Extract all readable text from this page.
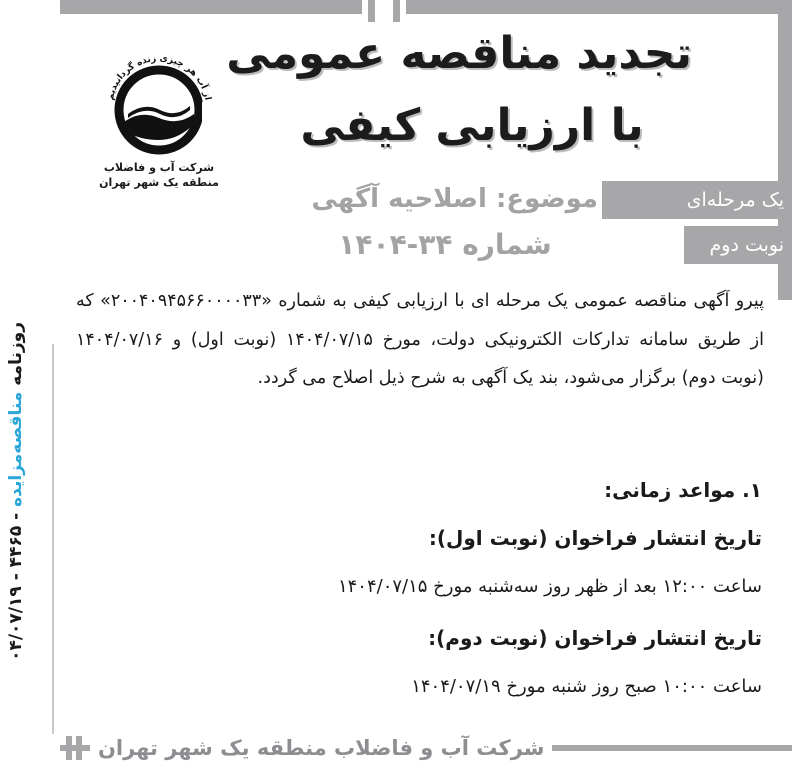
از آب هر چیزی زنده گردانیدیم
شرکت آب و فاضلاب
منطقه یک شهر تهران
تجدید مناقصه عمومی
با ارزیابی کیفی
موضوع: اصلاحیه آگهی
شماره ۳۴-۱۴۰۴
یک مرحله‌ای
نوبت دوم

پیرو آگهی مناقصه عمومی یک مرحله ای با ارزیابی کیفی به شماره «۲۰۰۴۰۹۴۵۶۶۰۰۰۰۳۳» که از طریق سامانه تدارکات الکترونیکی دولت، مورخ ۱۴۰۴/۰۷/۱۵ (نوبت اول) و ۱۴۰۴/۰۷/۱۶ (نوبت دوم) برگزار می‌شود، بند یک آگهی به شرح ذیل اصلاح می گردد.

۱. مواعد زمانی:
تاریخ انتشار فراخوان (نوبت اول):
ساعت ۱۲:۰۰ بعد از ظهر روز سه‌شنبه مورخ ۱۴۰۴/۰۷/۱۵
تاریخ انتشار فراخوان (نوبت دوم):
ساعت ۱۰:۰۰ صبح روز شنبه مورخ ۱۴۰۴/۰۷/۱۹
روزنامه مناقصه‌مزایده - ۴۴۶۵ - ۰۴/۰۷/۱۹
شرکت آب و فاضلاب منطقه یک شهر تهران
